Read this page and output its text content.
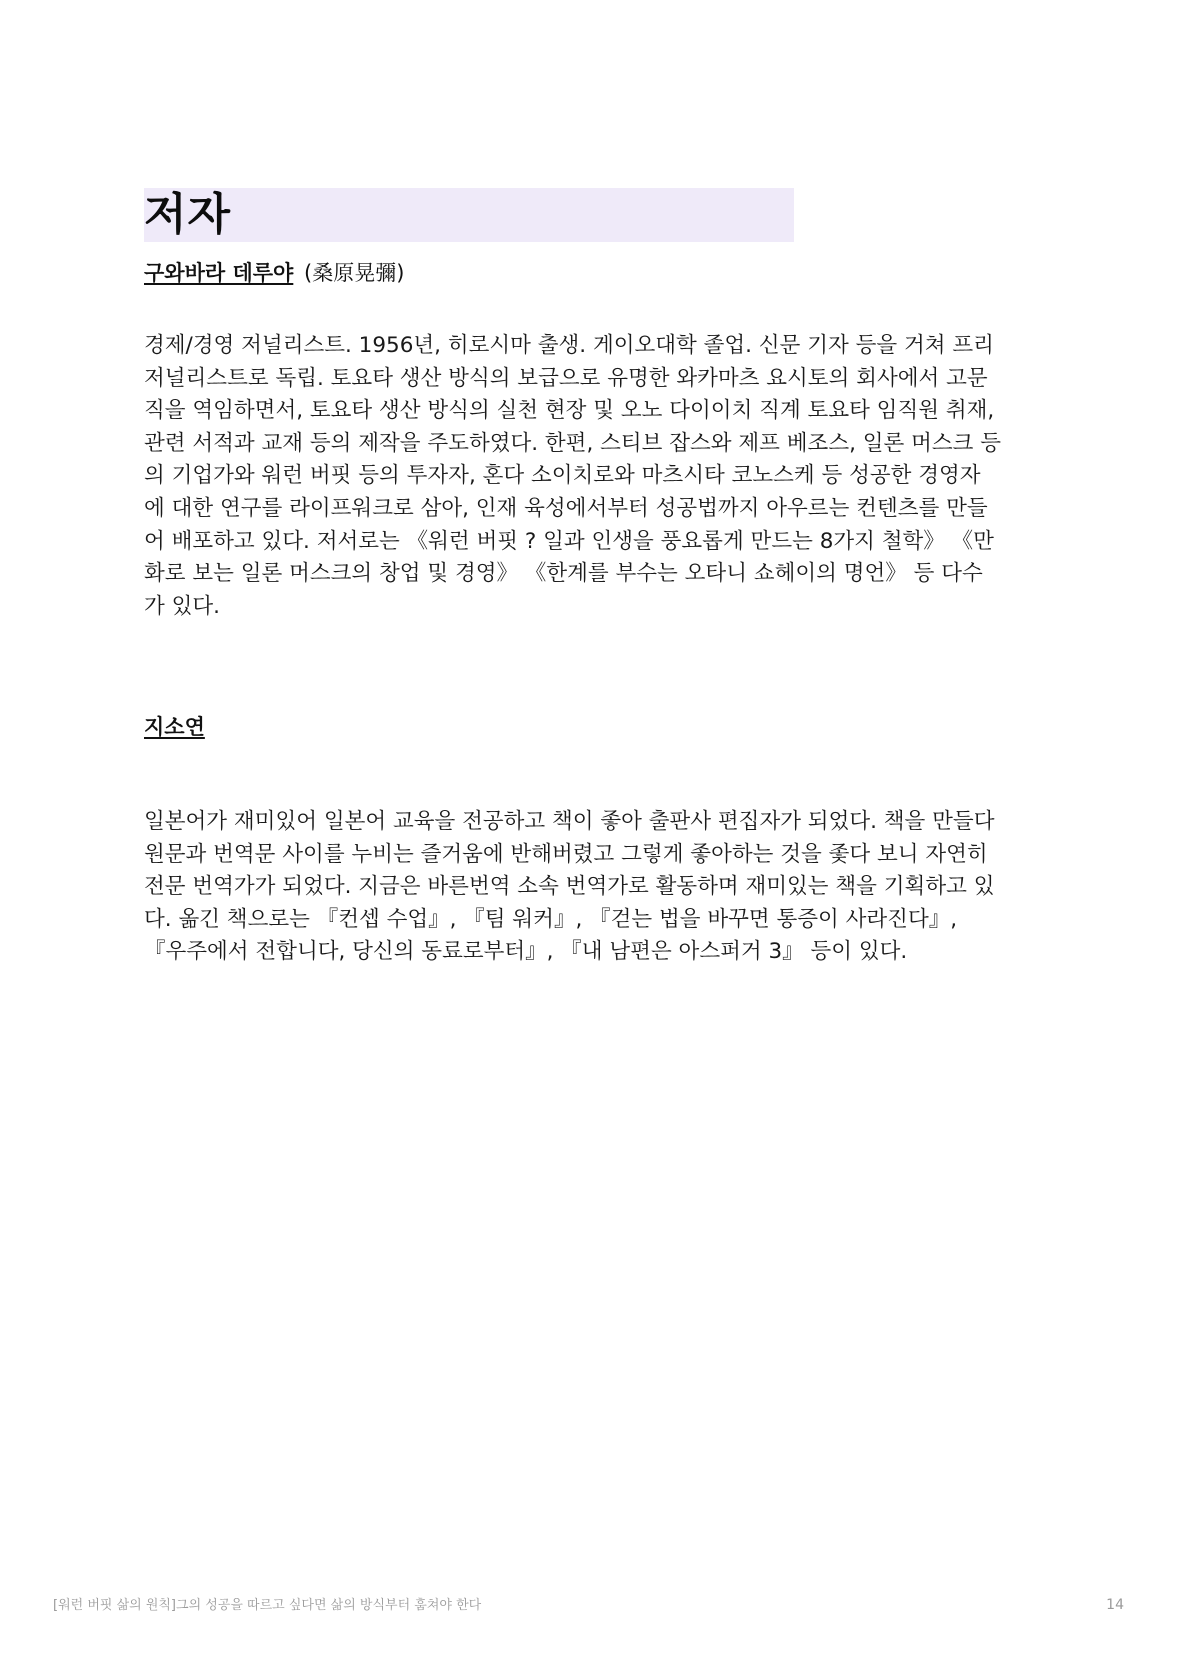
저자
구와바라 데루야 (桑原晃彌)

경제/경영 저널리스트. 1956년, 히로시마 출생. 게이오대학 졸업. 신문 기자 등을 거쳐 프리
저널리스트로 독립. 토요타 생산 방식의 보급으로 유명한 와카마츠 요시토의 회사에서 고문
직을 역임하면서, 토요타 생산 방식의 실천 현장 및 오노 다이이치 직계 토요타 임직원 취재,
관련 서적과 교재 등의 제작을 주도하였다. 한편, 스티브 잡스와 제프 베조스, 일론 머스크 등
의 기업가와 워런 버핏 등의 투자자, 혼다 소이치로와 마츠시타 코노스케 등 성공한 경영자
에 대한 연구를 라이프워크로 삼아, 인재 육성에서부터 성공법까지 아우르는 컨텐츠를 만들
어 배포하고 있다. 저서로는 《워런 버핏 ? 일과 인생을 풍요롭게 만드는 8가지 철학》 《만
화로 보는 일론 머스크의 창업 및 경영》 《한계를 부수는 오타니 쇼헤이의 명언》 등 다수
가 있다.

지소연

일본어가 재미있어 일본어 교육을 전공하고 책이 좋아 출판사 편집자가 되었다. 책을 만들다
원문과 번역문 사이를 누비는 즐거움에 반해버렸고 그렇게 좋아하는 것을 좇다 보니 자연히
전문 번역가가 되었다. 지금은 바른번역 소속 번역가로 활동하며 재미있는 책을 기획하고 있
다. 옮긴 책으로는 『컨셉 수업』, 『팀 워커』, 『걷는 법을 바꾸면 통증이 사라진다』,
『우주에서 전합니다, 당신의 동료로부터』, 『내 남편은 아스퍼거 3』 등이 있다.

[워런 버핏 삶의 원칙]그의 성공을 따르고 싶다면 삶의 방식부터 훔쳐야 한다	14
